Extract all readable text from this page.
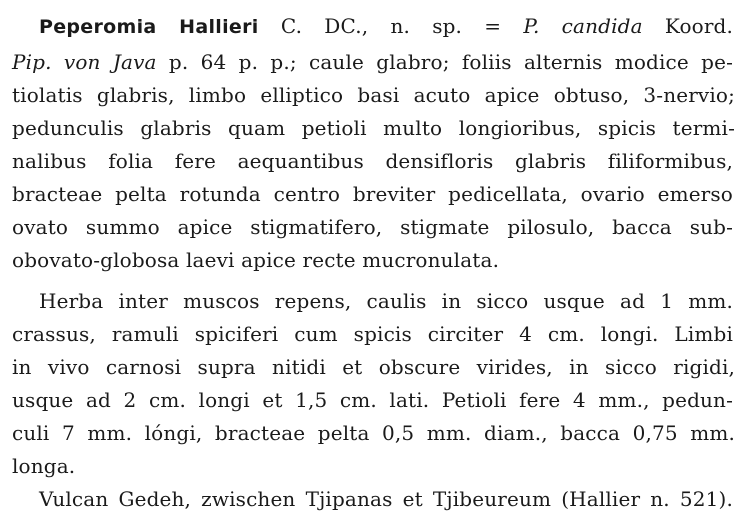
Peperomia Hallieri C. DC., n. sp. = P. candida Koord.
Pip. von Java p. 64 p. p.; caule glabro; foliis alternis modice pe-
tiolatis glabris, limbo elliptico basi acuto apice obtuso, 3-nervio;
pedunculis glabris quam petioli multo longioribus, spicis termi-
nalibus folia fere aequantibus densifloris glabris filiformibus,
bracteae pelta rotunda centro breviter pedicellata, ovario emerso
ovato summo apice stigmatifero, stigmate pilosulo, bacca sub-
obovato-globosa laevi apice recte mucronulata.
Herba inter muscos repens, caulis in sicco usque ad 1 mm.
crassus, ramuli spiciferi cum spicis circiter 4 cm. longi. Limbi
in vivo carnosi supra nitidi et obscure virides, in sicco rigidi,
usque ad 2 cm. longi et 1,5 cm. lati. Petioli fere 4 mm., pedun-
culi 7 mm. lóngi, bracteae pelta 0,5 mm. diam., bacca 0,75 mm.
longa.
Vulcan Gedeh, zwischen Tjipanas et Tjibeureum (Hallier n. 521).
